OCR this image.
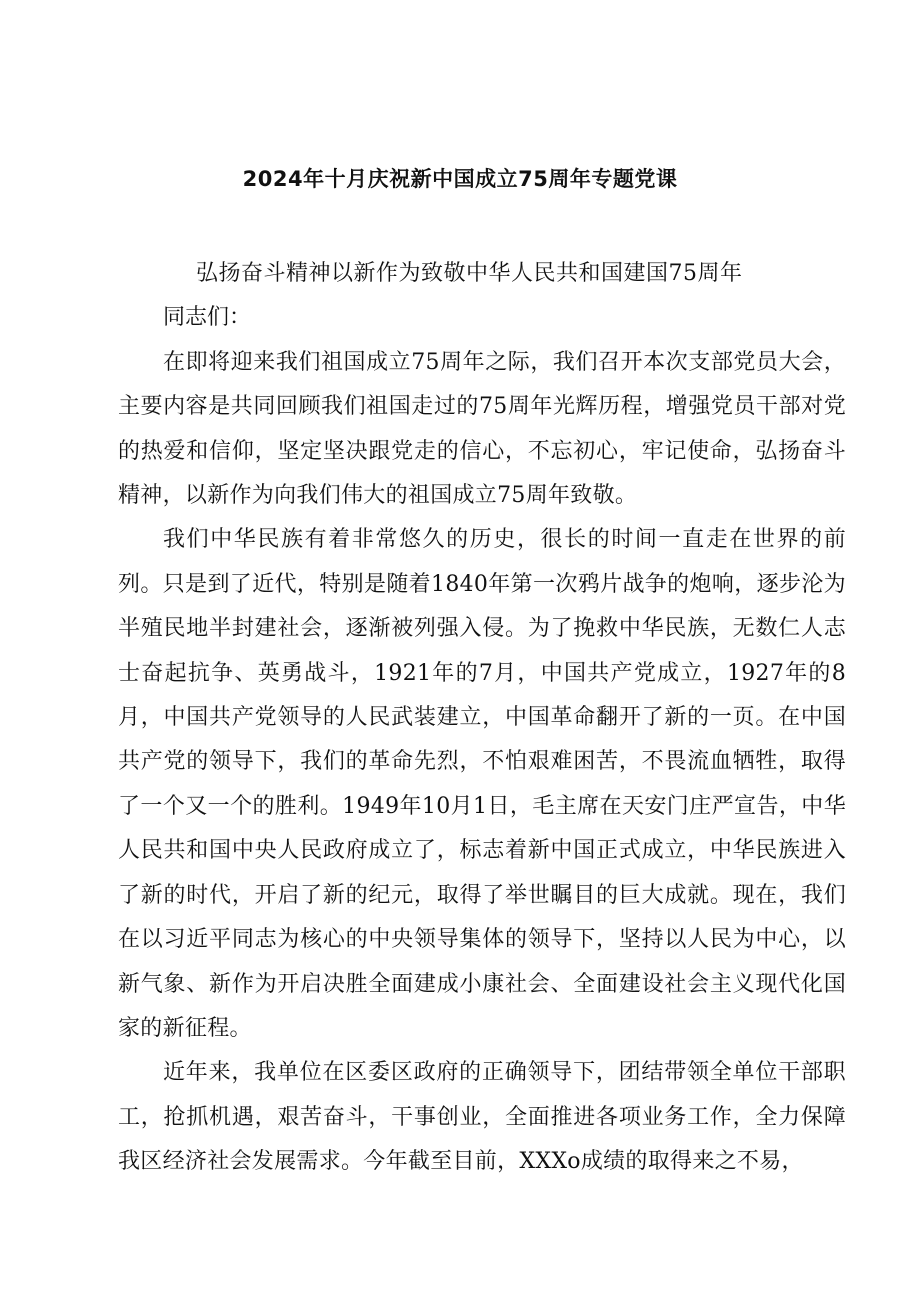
2024年十月庆祝新中国成立75周年专题党课

弘扬奋斗精神以新作为致敬中华人民共和国建国75周年

同志们：

在即将迎来我们祖国成立75周年之际，我们召开本次支部党员大会，主要内容是共同回顾我们祖国走过的75周年光辉历程，增强党员干部对党的热爱和信仰，坚定坚决跟党走的信心，不忘初心，牢记使命，弘扬奋斗精神，以新作为向我们伟大的祖国成立75周年致敬。

我们中华民族有着非常悠久的历史，很长的时间一直走在世界的前列。只是到了近代，特别是随着1840年第一次鸦片战争的炮响，逐步沦为半殖民地半封建社会，逐渐被列强入侵。为了挽救中华民族，无数仁人志士奋起抗争、英勇战斗，1921年的7月，中国共产党成立，1927年的8月，中国共产党领导的人民武装建立，中国革命翻开了新的一页。在中国共产党的领导下，我们的革命先烈，不怕艰难困苦，不畏流血牺牲，取得了一个又一个的胜利。1949年10月1日，毛主席在天安门庄严宣告，中华人民共和国中央人民政府成立了，标志着新中国正式成立，中华民族进入了新的时代，开启了新的纪元，取得了举世瞩目的巨大成就。现在，我们在以习近平同志为核心的中央领导集体的领导下，坚持以人民为中心，以新气象、新作为开启决胜全面建成小康社会、全面建设社会主义现代化国家的新征程。

近年来，我单位在区委区政府的正确领导下，团结带领全单位干部职工，抢抓机遇，艰苦奋斗，干事创业，全面推进各项业务工作，全力保障我区经济社会发展需求。今年截至目前，XXXo成绩的取得来之不易，
